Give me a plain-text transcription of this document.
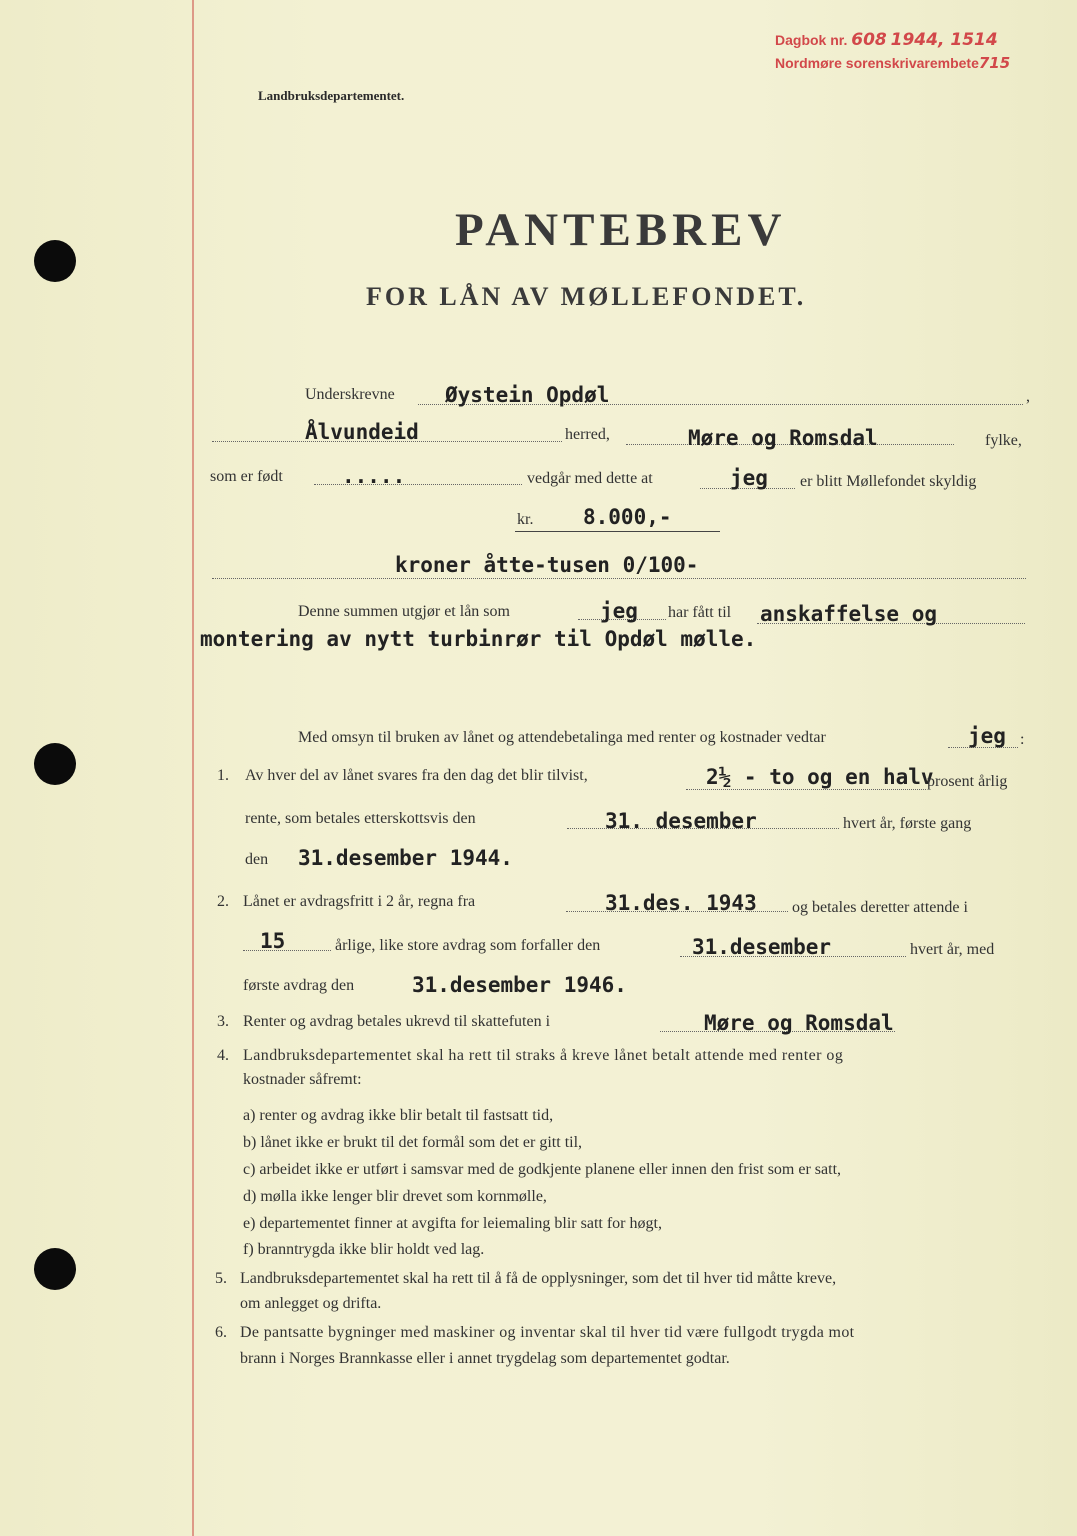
Dagbok nr. 608 1944, 1514
Nordmøre sorenskrivarembete715
Landbruksdepartementet.
PANTEBREV
FOR LÅN AV MØLLEFONDET.
Underskrevne Øystein Opdøl	,
Ålvundeid	herred,	Møre og Romsdal	fylke,
som er født	.....	vedgår med dette at	jeg er blitt Møllefondet skyldig
kr. 8.000,-
kroner åtte-tusen 0/100-
Denne summen utgjør et lån som	jeg har fått til anskaffelse og
montering av nytt turbinrør til Opdøl mølle.
Med omsyn til bruken av lånet og attendebetalinga med renter og kostnader vedtar	jeg :
1. Av hver del av lånet svares fra den dag det blir tilvist,	2½ - to og en halv
prosent årlig
rente, som betales etterskottsvis den	31. desember	hvert år, første gang
den 31.desember 1944.
2. Lånet er avdragsfritt i 2 år, regna fra	31.des. 1943 og betales deretter attende i
15	årlige, like store avdrag som forfaller den	31.desember	hvert år, med
første avdrag den	31.desember 1946.
3. Renter og avdrag betales ukrevd til skattefuten i	Møre og Romsdal
4. Landbruksdepartementet skal ha rett til straks å kreve lånet betalt attende med renter og
kostnader såfremt:
a) renter og avdrag ikke blir betalt til fastsatt tid,
b) lånet ikke er brukt til det formål som det er gitt til,
c) arbeidet ikke er utført i samsvar med de godkjente planene eller innen den frist som er satt,
d) mølla ikke lenger blir drevet som kornmølle,
e) departementet finner at avgifta for leiemaling blir satt for høgt,
f) branntrygda ikke blir holdt ved lag.
5. Landbruksdepartementet skal ha rett til å få de opplysninger, som det til hver tid måtte kreve,
om anlegget og drifta.
6. De pantsatte bygninger med maskiner og inventar skal til hver tid være fullgodt trygda mot
brann i Norges Brannkasse eller i annet trygdelag som departementet godtar.
